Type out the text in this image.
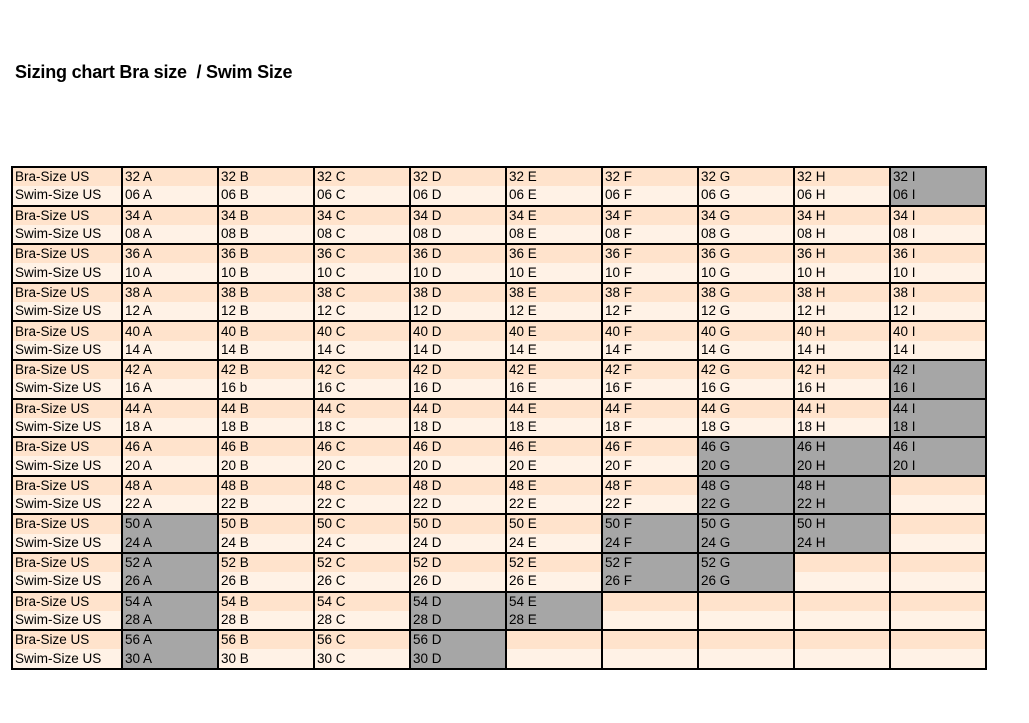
Sizing chart Bra size  / Swim Size
Bra-Size US	32 A	32 B	32 C	32 D	32 E	32 F	32 G	32 H	32 I
Swim-Size US	06 A	06 B	06 C	06 D	06 E	06 F	06 G	06 H	06 I
Bra-Size US	34 A	34 B	34 C	34 D	34 E	34 F	34 G	34 H	34 I
Swim-Size US	08 A	08 B	08 C	08 D	08 E	08 F	08 G	08 H	08 I
Bra-Size US	36 A	36 B	36 C	36 D	36 E	36 F	36 G	36 H	36 I
Swim-Size US	10 A	10 B	10 C	10 D	10 E	10 F	10 G	10 H	10 I
Bra-Size US	38 A	38 B	38 C	38 D	38 E	38 F	38 G	38 H	38 I
Swim-Size US	12 A	12 B	12 C	12 D	12 E	12 F	12 G	12 H	12 I
Bra-Size US	40 A	40 B	40 C	40 D	40 E	40 F	40 G	40 H	40 I
Swim-Size US	14 A	14 B	14 C	14 D	14 E	14 F	14 G	14 H	14 I
Bra-Size US	42 A	42 B	42 C	42 D	42 E	42 F	42 G	42 H	42 I
Swim-Size US	16 A	16 b	16 C	16 D	16 E	16 F	16 G	16 H	16 I
Bra-Size US	44 A	44 B	44 C	44 D	44 E	44 F	44 G	44 H	44 I
Swim-Size US	18 A	18 B	18 C	18 D	18 E	18 F	18 G	18 H	18 I
Bra-Size US	46 A	46 B	46 C	46 D	46 E	46 F	46 G	46 H	46 I
Swim-Size US	20 A	20 B	20 C	20 D	20 E	20 F	20 G	20 H	20 I
Bra-Size US	48 A	48 B	48 C	48 D	48 E	48 F	48 G	48 H	
Swim-Size US	22 A	22 B	22 C	22 D	22 E	22 F	22 G	22 H	
Bra-Size US	50 A	50 B	50 C	50 D	50 E	50 F	50 G	50 H	
Swim-Size US	24 A	24 B	24 C	24 D	24 E	24 F	24 G	24 H	
Bra-Size US	52 A	52 B	52 C	52 D	52 E	52 F	52 G		
Swim-Size US	26 A	26 B	26 C	26 D	26 E	26 F	26 G		
Bra-Size US	54 A	54 B	54 C	54 D	54 E				
Swim-Size US	28 A	28 B	28 C	28 D	28 E				
Bra-Size US	56 A	56 B	56 C	56 D					
Swim-Size US	30 A	30 B	30 C	30 D					
